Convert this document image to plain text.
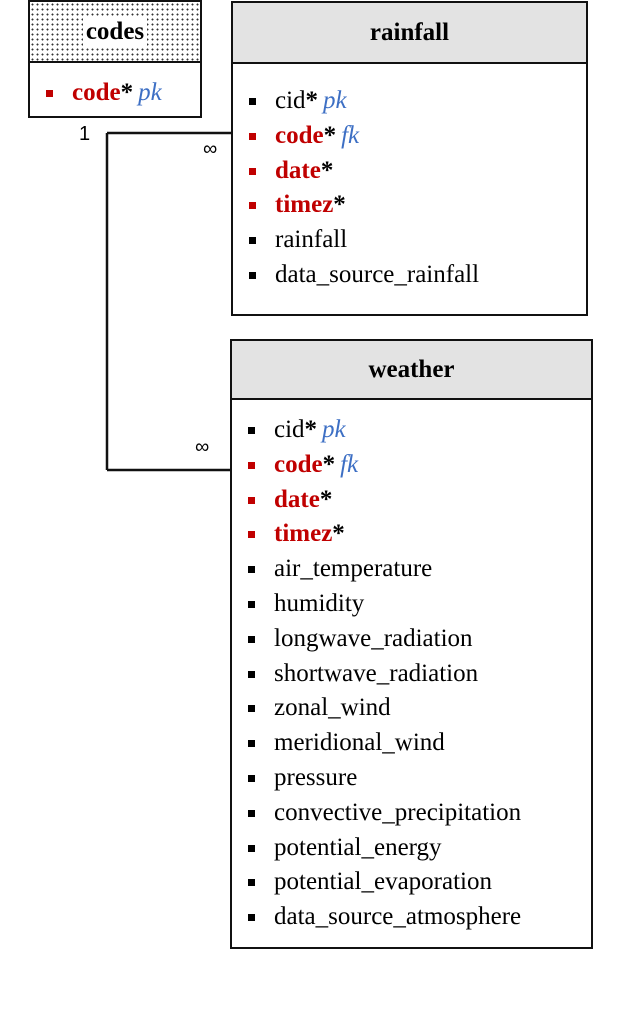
1
∞
∞
codes
code* pk
rainfall
cid* pk
code* fk
date*
timez*
rainfall
data_source_rainfall
weather
cid* pk
code* fk
date*
timez*
air_temperature
humidity
longwave_radiation
shortwave_radiation
zonal_wind
meridional_wind
pressure
convective_precipitation
potential_energy
potential_evaporation
data_source_atmosphere
